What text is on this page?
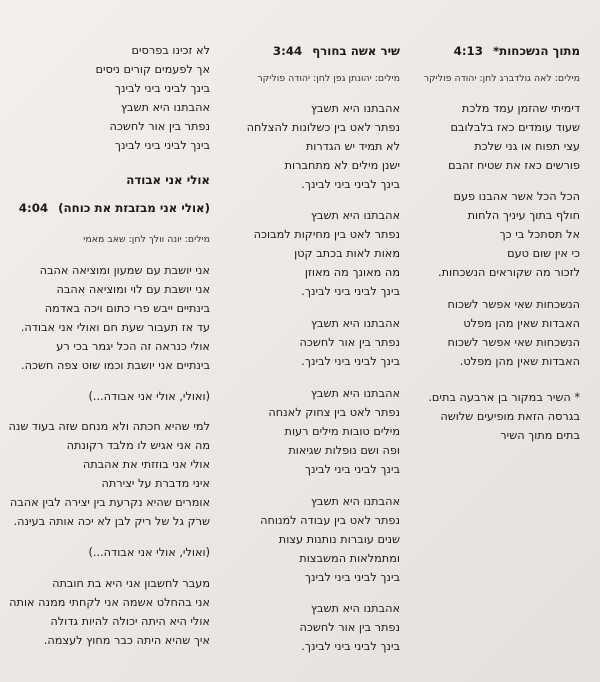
מתוך הנשכחות*4:13
מילים: לאה גולדברג לחן: יהודה פוליקר
דימיתי שהזמן עמד מלכת
שעוד עומדים כאז בלבלובם
עצי תפוח או גני שלכת
פורשים כאז את שטיח זהבם
הכל הכל אשר אהבנו פעם
חולף בתוך עיניך הלחות
אל תסתכל בי כך
כי אין שום טעם
לזכור מה שקוראים הנשכחות.
הנשכחות שאי אפשר לשכוח
האבדות שאין מהן מפלט
הנשכחות שאי אפשר לשכוח
האבדות שאין מהן מפלט.
* השיר במקור בן ארבעה בתים.
בגרסה הזאת מופיעים שלושה
בתים מתוך השיר
שיר אשה בחורף3:44
מילים: יהונתן גפן לחן: יהודה פוליקר
אהבתנו היא תשבץ
נפתר לאט בין כשלונות להצלחה
לא תמיד יש הגדרות
ישנן מילים לא מתחברות
בינך לביני ביני לבינך.
אהבתנו היא תשבץ
נפתר לאט בין מחיקות למבוכה
מאות לאות בכתב קטן
מה מאונך מה מאוזן
בינך לביני ביני לבינך.
אהבתנו היא תשבץ
נפתר בין אור לחשכה
בינך לביני ביני לבינך.
אהבתנו היא תשבץ
נפתר לאט בין צחוק לאנחה
מילים טובות מילים רעות
ופה ושם נופלות שגיאות
בינך לביני ביני לבינך
אהבתנו היא תשבץ
נפתר לאט בין עבודה למנוחה
שנים עוברות נותנות עצות
ומתמלאות המשבצות
בינך לביני ביני לבינך
אהבתנו היא תשבץ
נפתר בין אור לחשכה
בינך לביני ביני לבינך.
לא זכינו בפרסים
אך לפעמים קורים ניסים
בינך לביני ביני לבינך
אהבתנו היא תשבץ
נפתר בין אור לחשכה
בינך לביני ביני לבינך
אולי אני אבודה
(אולי אני מבזבזת את כוחה)4:04
מילים: יונה וולך לחן: שאב מאמי
אני יושבת עם שמעון ומוציאה אהבה
אני יושבת עם לוי ומוציאה אהבה
בינתיים ייבש פרי כתום ויכה באדמה
עד אז תעבור שעת חם ואולי אני אבודה.
אולי כנראה זה הכל יגמר בכי רע
בינתיים אני יושבת וכמו שוט צפה חשכה.
(ואולי, אולי אני אבודה...)
למי שהיא חכתה ולא מנחם שזה בעוד שנה
מה אני אגיש לו מלבד רקונתה
אולי אני בוזזתי את אהבתה
איני מדברת על יצירתה
אומרים שהיא נקרעת בין יצירה לבין אהבה
שרק גל של ריק לבן לא יכה אותה בעינה.
(ואולי, אולי אני אבודה...)
מעבר לחשבון אני היא בת חובתה
אני בהחלט אשמה אני לקחתי ממנה אותה
אולי היא היתה יכולה להיות גדולה
איך שהיא היתה כבר מחוץ לעצמה.
